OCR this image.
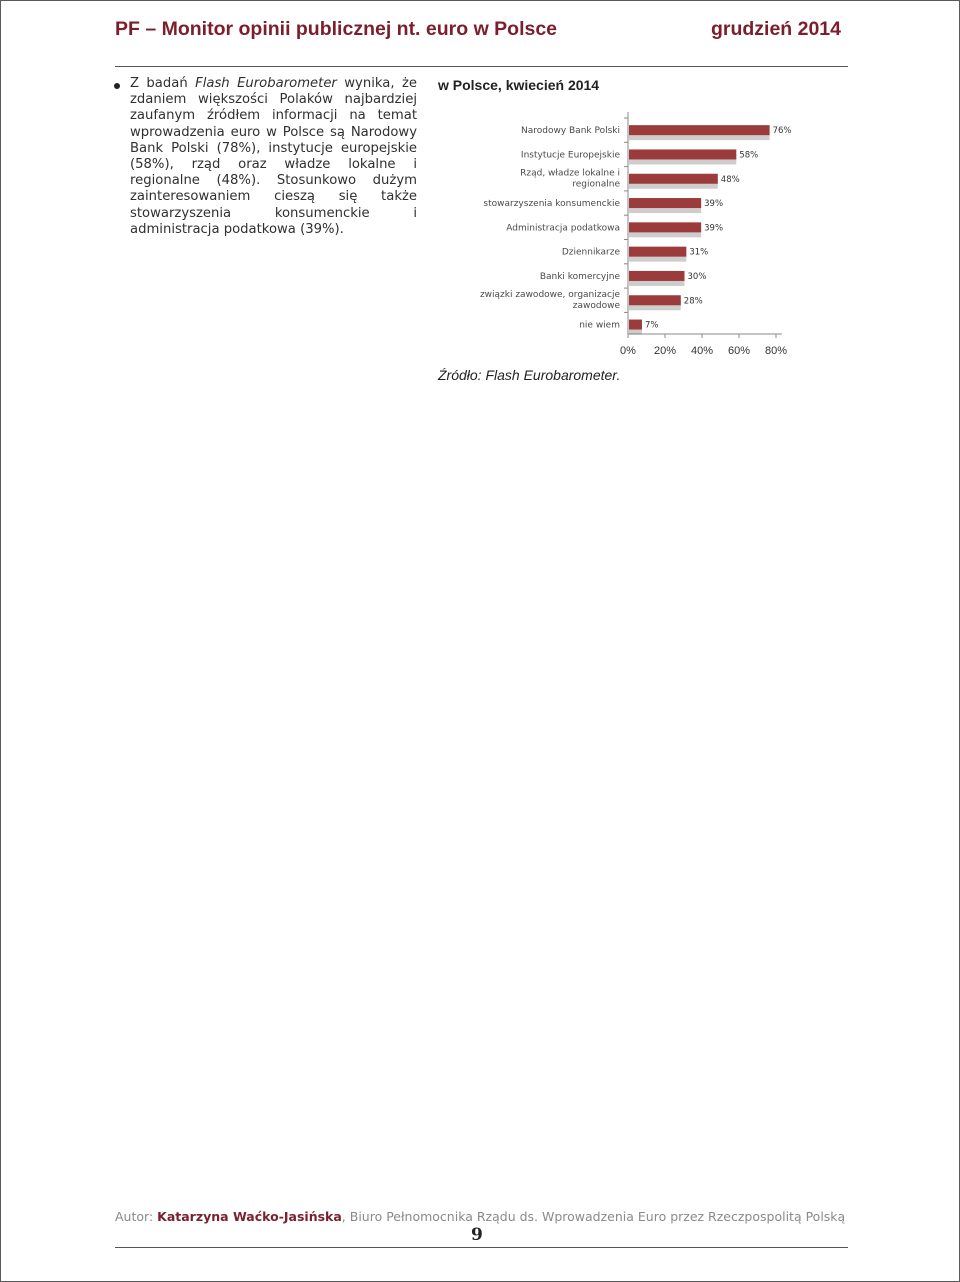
PF – Monitor opinii publicznej nt. euro w Polsce	grudzień 2014
Z badań Flash Eurobarometer wynika, że zdaniem większości Polaków najbardziej zaufanym źródłem informacji na temat wprowadzenia euro w Polsce są Narodowy Bank Polski (78%), instytucje europejskie (58%), rząd oraz władze lokalne i regionalne (48%). Stosunkowo dużym zainteresowaniem cieszą się także stowarzyszenia konsumenckie i administracja podatkowa (39%).
w Polsce, kwiecień 2014
76%
Narodowy Bank Polski
58%
Instytucje Europejskie
48%
Rząd, władze lokalne i
regionalne
39%
stowarzyszenia konsumenckie
39%
Administracja podatkowa
31%
Dziennikarze
30%
Banki komercyjne
28%
związki zawodowe, organizacje
zawodowe
7%
nie wiem
0% 20% 40% 60% 80%
Źródło: Flash Eurobarometer.
Autor: Katarzyna Waćko-Jasińska, Biuro Pełnomocnika Rządu ds. Wprowadzenia Euro przez Rzeczpospolitą Polską
9
